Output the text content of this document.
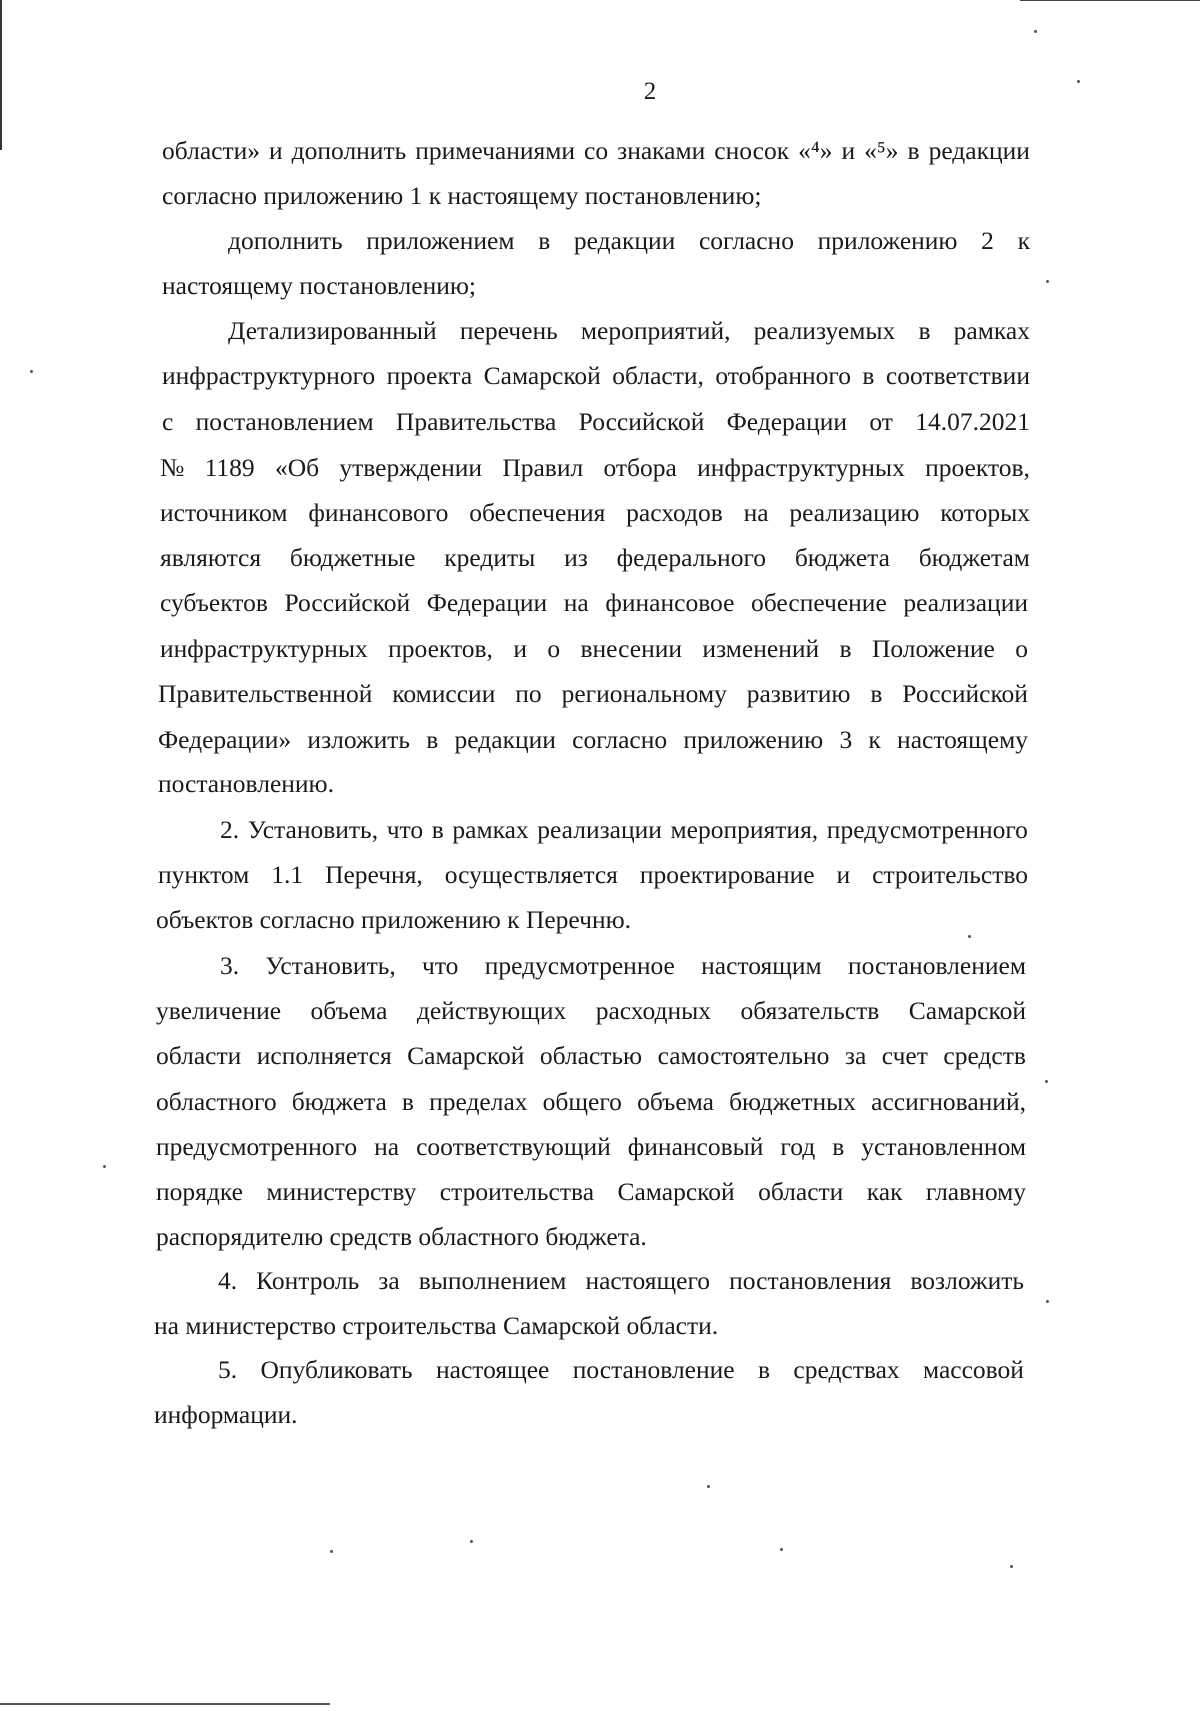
2
области» и дополнить примечаниями со знаками сносок «⁴» и «⁵» в редакции
согласно приложению 1 к настоящему постановлению;
дополнить приложением в редакции согласно приложению 2 к
настоящему постановлению;
Детализированный перечень мероприятий, реализуемых в рамках
инфраструктурного проекта Самарской области, отобранного в соответствии
с постановлением Правительства Российской Федерации от 14.07.2021
№ 1189 «Об утверждении Правил отбора инфраструктурных проектов,
источником финансового обеспечения расходов на реализацию которых
являются бюджетные кредиты из федерального бюджета бюджетам
субъектов Российской Федерации на финансовое обеспечение реализации
инфраструктурных проектов, и о внесении изменений в Положение о
Правительственной комиссии по региональному развитию в Российской
Федерации» изложить в редакции согласно приложению 3 к настоящему
постановлению.
2. Установить, что в рамках реализации мероприятия, предусмотренного
пунктом 1.1 Перечня, осуществляется проектирование и строительство
объектов согласно приложению к Перечню.
3. Установить, что предусмотренное настоящим постановлением
увеличение объема действующих расходных обязательств Самарской
области исполняется Самарской областью самостоятельно за счет средств
областного бюджета в пределах общего объема бюджетных ассигнований,
предусмотренного на соответствующий финансовый год в установленном
порядке министерству строительства Самарской области как главному
распорядителю средств областного бюджета.
4. Контроль за выполнением настоящего постановления возложить
на министерство строительства Самарской области.
5. Опубликовать настоящее постановление в средствах массовой
информации.
